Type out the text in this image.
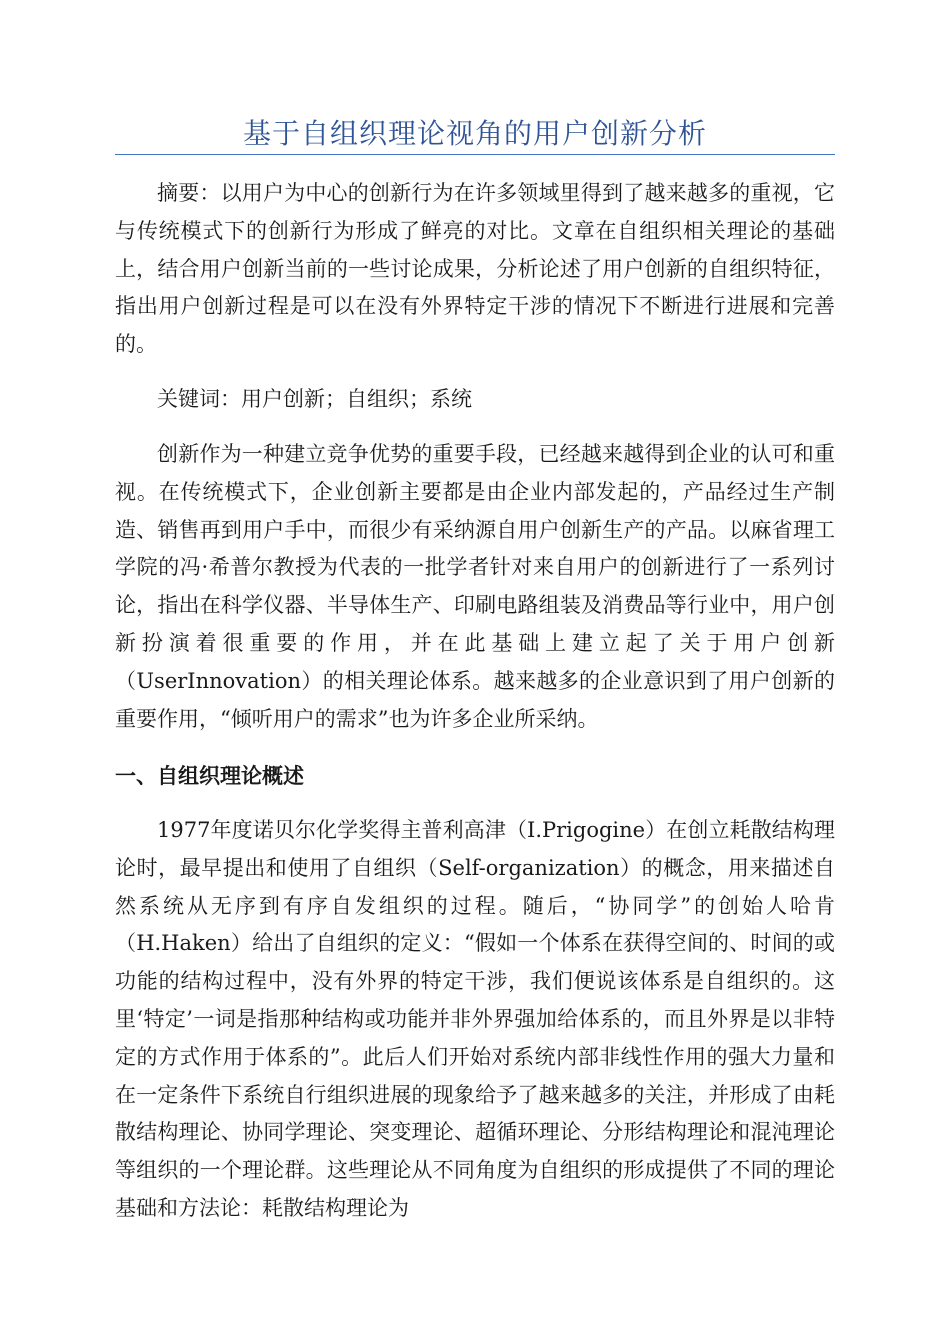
基于自组织理论视角的用户创新分析

摘要：以用户为中心的创新行为在许多领域里得到了越来越多的重视，它与传统模式下的创新行为形成了鲜亮的对比。文章在自组织相关理论的基础上，结合用户创新当前的一些讨论成果，分析论述了用户创新的自组织特征，指出用户创新过程是可以在没有外界特定干涉的情况下不断进行进展和完善的。

关键词：用户创新；自组织；系统

创新作为一种建立竞争优势的重要手段，已经越来越得到企业的认可和重视。在传统模式下，企业创新主要都是由企业内部发起的，产品经过生产制造、销售再到用户手中，而很少有采纳源自用户创新生产的产品。以麻省理工学院的冯·希普尔教授为代表的一批学者针对来自用户的创新进行了一系列讨论，指出在科学仪器、半导体生产、印刷电路组装及消费品等行业中，用户创新扮演着很重要的作用，并在此基础上建立起了关于用户创新（UserInnovation）的相关理论体系。越来越多的企业意识到了用户创新的重要作用，“倾听用户的需求”也为许多企业所采纳。

一、自组织理论概述

1977年度诺贝尔化学奖得主普利高津（I.Prigogine）在创立耗散结构理论时，最早提出和使用了自组织（Self-organization）的概念，用来描述自然系统从无序到有序自发组织的过程。随后，“协同学”的创始人哈肯（H.Haken）给出了自组织的定义：“假如一个体系在获得空间的、时间的或功能的结构过程中，没有外界的特定干涉，我们便说该体系是自组织的。这里‘特定’一词是指那种结构或功能并非外界强加给体系的，而且外界是以非特定的方式作用于体系的”。此后人们开始对系统内部非线性作用的强大力量和在一定条件下系统自行组织进展的现象给予了越来越多的关注，并形成了由耗散结构理论、协同学理论、突变理论、超循环理论、分形结构理论和混沌理论等组织的一个理论群。这些理论从不同角度为自组织的形成提供了不同的理论基础和方法论：耗散结构理论为
